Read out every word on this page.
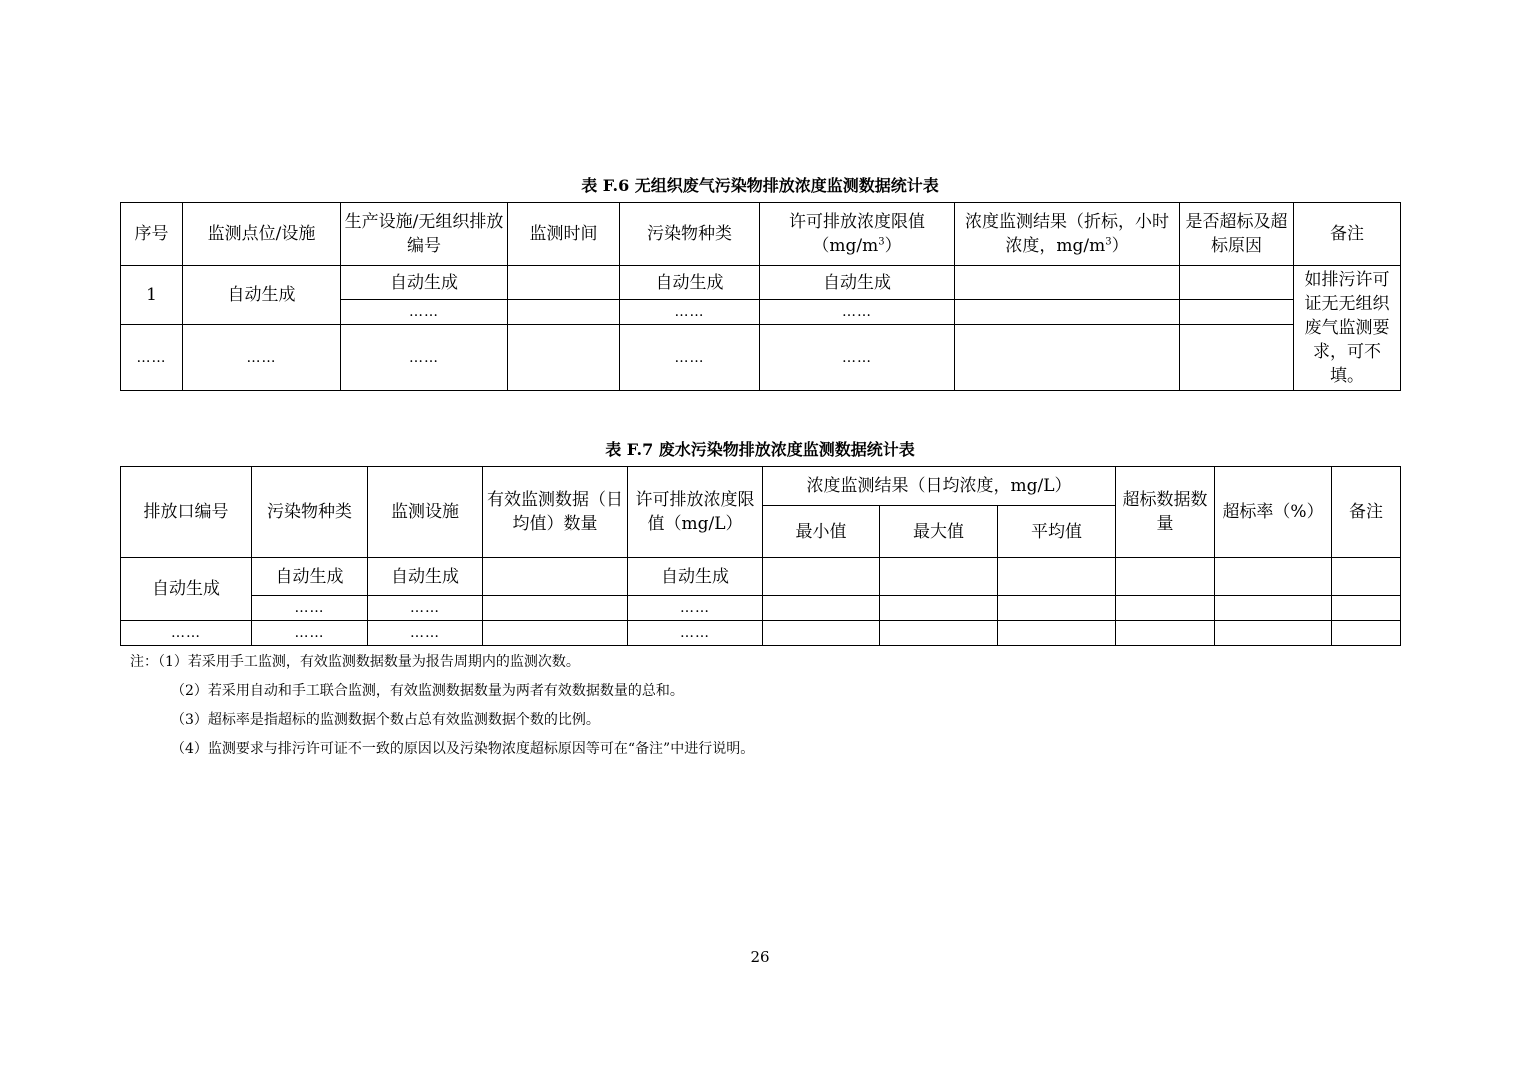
表 F.6 无组织废气污染物排放浓度监测数据统计表
序号	监测点位/设施	生产设施/无组织排放编号	监测时间	污染物种类	许可排放浓度限值$(mg/m^3)$	浓度监测结果（折标，小时浓度，$mg/m^3$）	是否超标及超标原因	备注
1	自动生成	自动生成		自动生成	自动生成			如排污许可证无无组织废气监测要求，可不填。
		……		……	……			
……	……	……		……	……			
表 F.7 废水污染物排放浓度监测数据统计表
排放口编号	污染物种类	监测设施	有效监测数据（日均值）数量	许可排放浓度限值（mg/L）	浓度监测结果（日均浓度，mg/L）			超标数据数量	超标率（%）	备注
					最小值	最大值	平均值			
自动生成	自动生成	自动生成		自动生成						
	……	……		……						
……	……	……		……						
注：（1）若采用手工监测，有效监测数据数量为报告周期内的监测次数。
（2）若采用自动和手工联合监测，有效监测数据数量为两者有效数据数量的总和。
（3）超标率是指超标的监测数据个数占总有效监测数据个数的比例。
（4）监测要求与排污许可证不一致的原因以及污染物浓度超标原因等可在“备注”中进行说明。
26
